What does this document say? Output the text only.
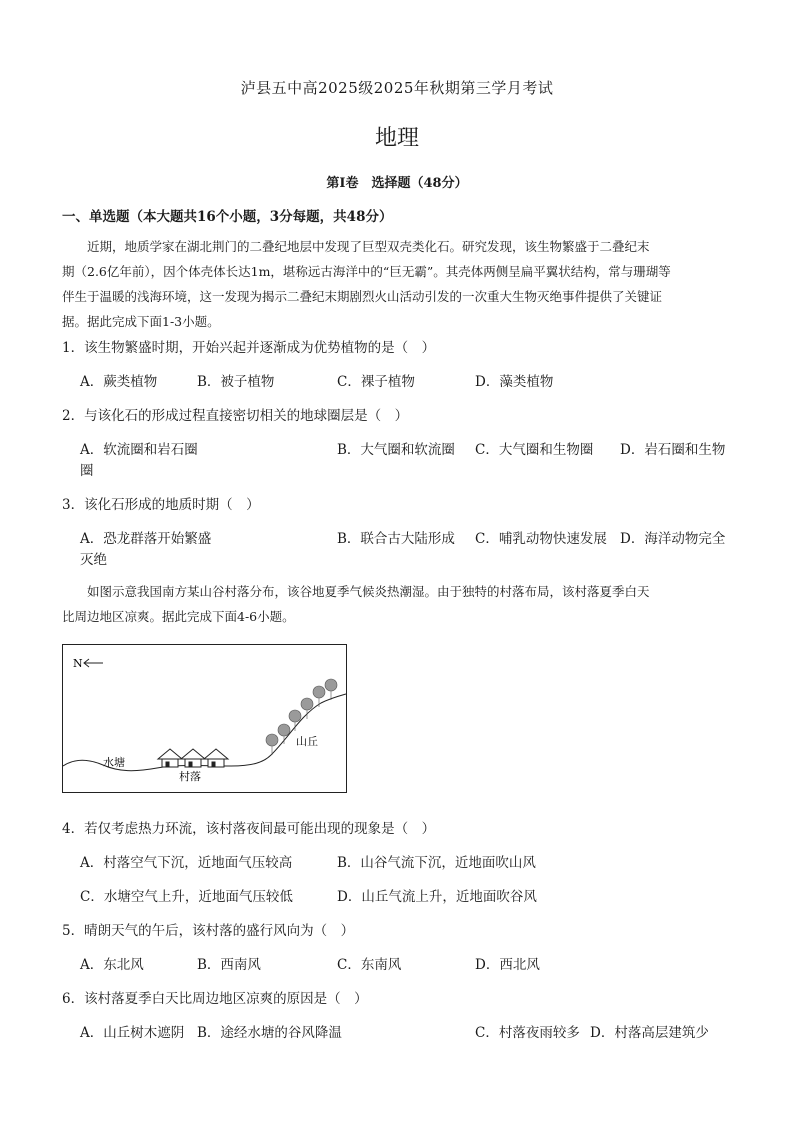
泸县五中高2025级2025年秋期第三学月考试
地理
第I卷　选择题（48分）
一、单选题（本大题共16个小题，3分每题，共48分）

近期，地质学家在湖北荆门的二叠纪地层中发现了巨型双壳类化石。研究发现，该生物繁盛于二叠纪末

期（2.6亿年前），因个体壳体长达1m，堪称远古海洋中的“巨无霸”。其壳体两侧呈扁平翼状结构，常与珊瑚等

伴生于温暖的浅海环境，这一发现为揭示二叠纪末期剧烈火山活动引发的一次重大生物灭绝事件提供了关键证

据。据此完成下面1-3小题。

1．该生物繁盛时期，开始兴起并逐渐成为优势植物的是（　）
A．蕨类植物	B．被子植物	C．裸子植物	D．藻类植物
2．与该化石的形成过程直接密切相关的地球圈层是（　）
A．软流圈和岩石圈	B．大气圈和软流圈 C．大气圈和生物圈 D．岩石圈和生物
圈
3．该化石形成的地质时期（　）
A．恐龙群落开始繁盛	B．联合古大陆形成 C．哺乳动物快速发展 D．海洋动物完全
灭绝

如图示意我国南方某山谷村落分布，该谷地夏季气候炎热潮湿。由于独特的村落布局，该村落夏季白天

比周边地区凉爽。据此完成下面4-6小题。

N
水塘
村落
山丘
4．若仅考虑热力环流，该村落夜间最可能出现的现象是（　）
A．村落空气下沉，近地面气压较高	B．山谷气流下沉，近地面吹山风
C．水塘空气上升，近地面气压较低	D．山丘气流上升，近地面吹谷风
5．晴朗天气的午后，该村落的盛行风向为（　）
A．东北风	B．西南风	C．东南风	D．西北风
6．该村落夏季白天比周边地区凉爽的原因是（　）
A．山丘树木遮阴 B．途经水塘的谷风降温	C．村落夜雨较多 D．村落高层建筑少
